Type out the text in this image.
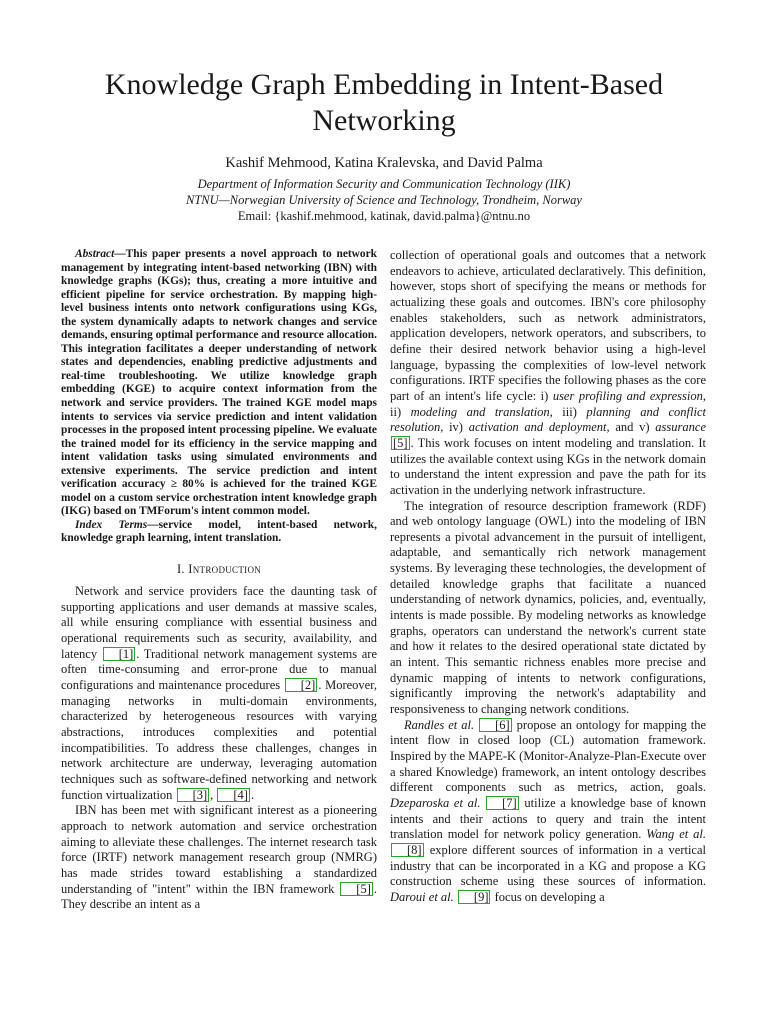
Knowledge Graph Embedding in Intent-Based Networking
Kashif Mehmood, Katina Kralevska, and David Palma
Department of Information Security and Communication Technology (IIK)
NTNU—Norwegian University of Science and Technology, Trondheim, Norway
Email: {kashif.mehmood, katinak, david.palma}@ntnu.no

Abstract—This paper presents a novel approach to network management by integrating intent-based networking (IBN) with knowledge graphs (KGs); thus, creating a more intuitive and efficient pipeline for service orchestration. By mapping high-level business intents onto network configurations using KGs, the system dynamically adapts to network changes and service demands, ensuring optimal performance and resource allocation. This integration facilitates a deeper understanding of network states and dependencies, enabling predictive adjustments and real-time troubleshooting. We utilize knowledge graph embedding (KGE) to acquire context information from the network and service providers. The trained KGE model maps intents to services via service prediction and intent validation processes in the proposed intent processing pipeline. We evaluate the trained model for its efficiency in the service mapping and intent validation tasks using simulated environments and extensive experiments. The service prediction and intent verification accuracy ≥ 80% is achieved for the trained KGE model on a custom service orchestration intent knowledge graph (IKG) based on TMForum's intent common model.

Index Terms—service model, intent-based network, knowledge graph learning, intent translation.

I. Introduction

Network and service providers face the daunting task of supporting applications and user demands at massive scales, all while ensuring compliance with essential business and operational requirements such as security, availability, and latency [1] . Traditional network management systems are often time-consuming and error-prone due to manual configurations and maintenance procedures [2] . Moreover, managing networks in multi-domain environments, characterized by heterogeneous resources with varying abstractions, introduces complexities and potential incompatibilities. To address these challenges, changes in network architecture are underway, leveraging automation techniques such as software-defined networking and network function virtualization [3] , [4] .

IBN has been met with significant interest as a pioneering approach to network automation and service orchestration aiming to alleviate these challenges. The internet research task force (IRTF) network management research group (NMRG) has made strides toward establishing a standardized understanding of "intent" within the IBN framework [5] . They describe an intent as a

collection of operational goals and outcomes that a network endeavors to achieve, articulated declaratively. This definition, however, stops short of specifying the means or methods for actualizing these goals and outcomes. IBN's core philosophy enables stakeholders, such as network administrators, application developers, network operators, and subscribers, to define their desired network behavior using a high-level language, bypassing the complexities of low-level network configurations. IRTF specifies the following phases as the core part of an intent's life cycle: i) user profiling and expression, ii) modeling and translation, iii) planning and conflict resolution, iv) activation and deployment, and v) assurance [5] . This work focuses on intent modeling and translation. It utilizes the available context using KGs in the network domain to understand the intent expression and pave the path for its activation in the underlying network infrastructure.

The integration of resource description framework (RDF) and web ontology language (OWL) into the modeling of IBN represents a pivotal advancement in the pursuit of intelligent, adaptable, and semantically rich network management systems. By leveraging these technologies, the development of detailed knowledge graphs that facilitate a nuanced understanding of network dynamics, policies, and, eventually, intents is made possible. By modeling networks as knowledge graphs, operators can understand the network's current state and how it relates to the desired operational state dictated by an intent. This semantic richness enables more precise and dynamic mapping of intents to network configurations, significantly improving the network's adaptability and responsiveness to changing network conditions.

Randles et al. [6] propose an ontology for mapping the intent flow in closed loop (CL) automation framework. Inspired by the MAPE-K (Monitor-Analyze-Plan-Execute over a shared Knowledge) framework, an intent ontology describes different components such as metrics, action, goals. Dzeparoska et al. [7] utilize a knowledge base of known intents and their actions to query and train the intent translation model for network policy generation. Wang et al. [8] explore different sources of information in a vertical industry that can be incorporated in a KG and propose a KG construction scheme using these sources of information. Daroui et al. [9] focus on developing a
